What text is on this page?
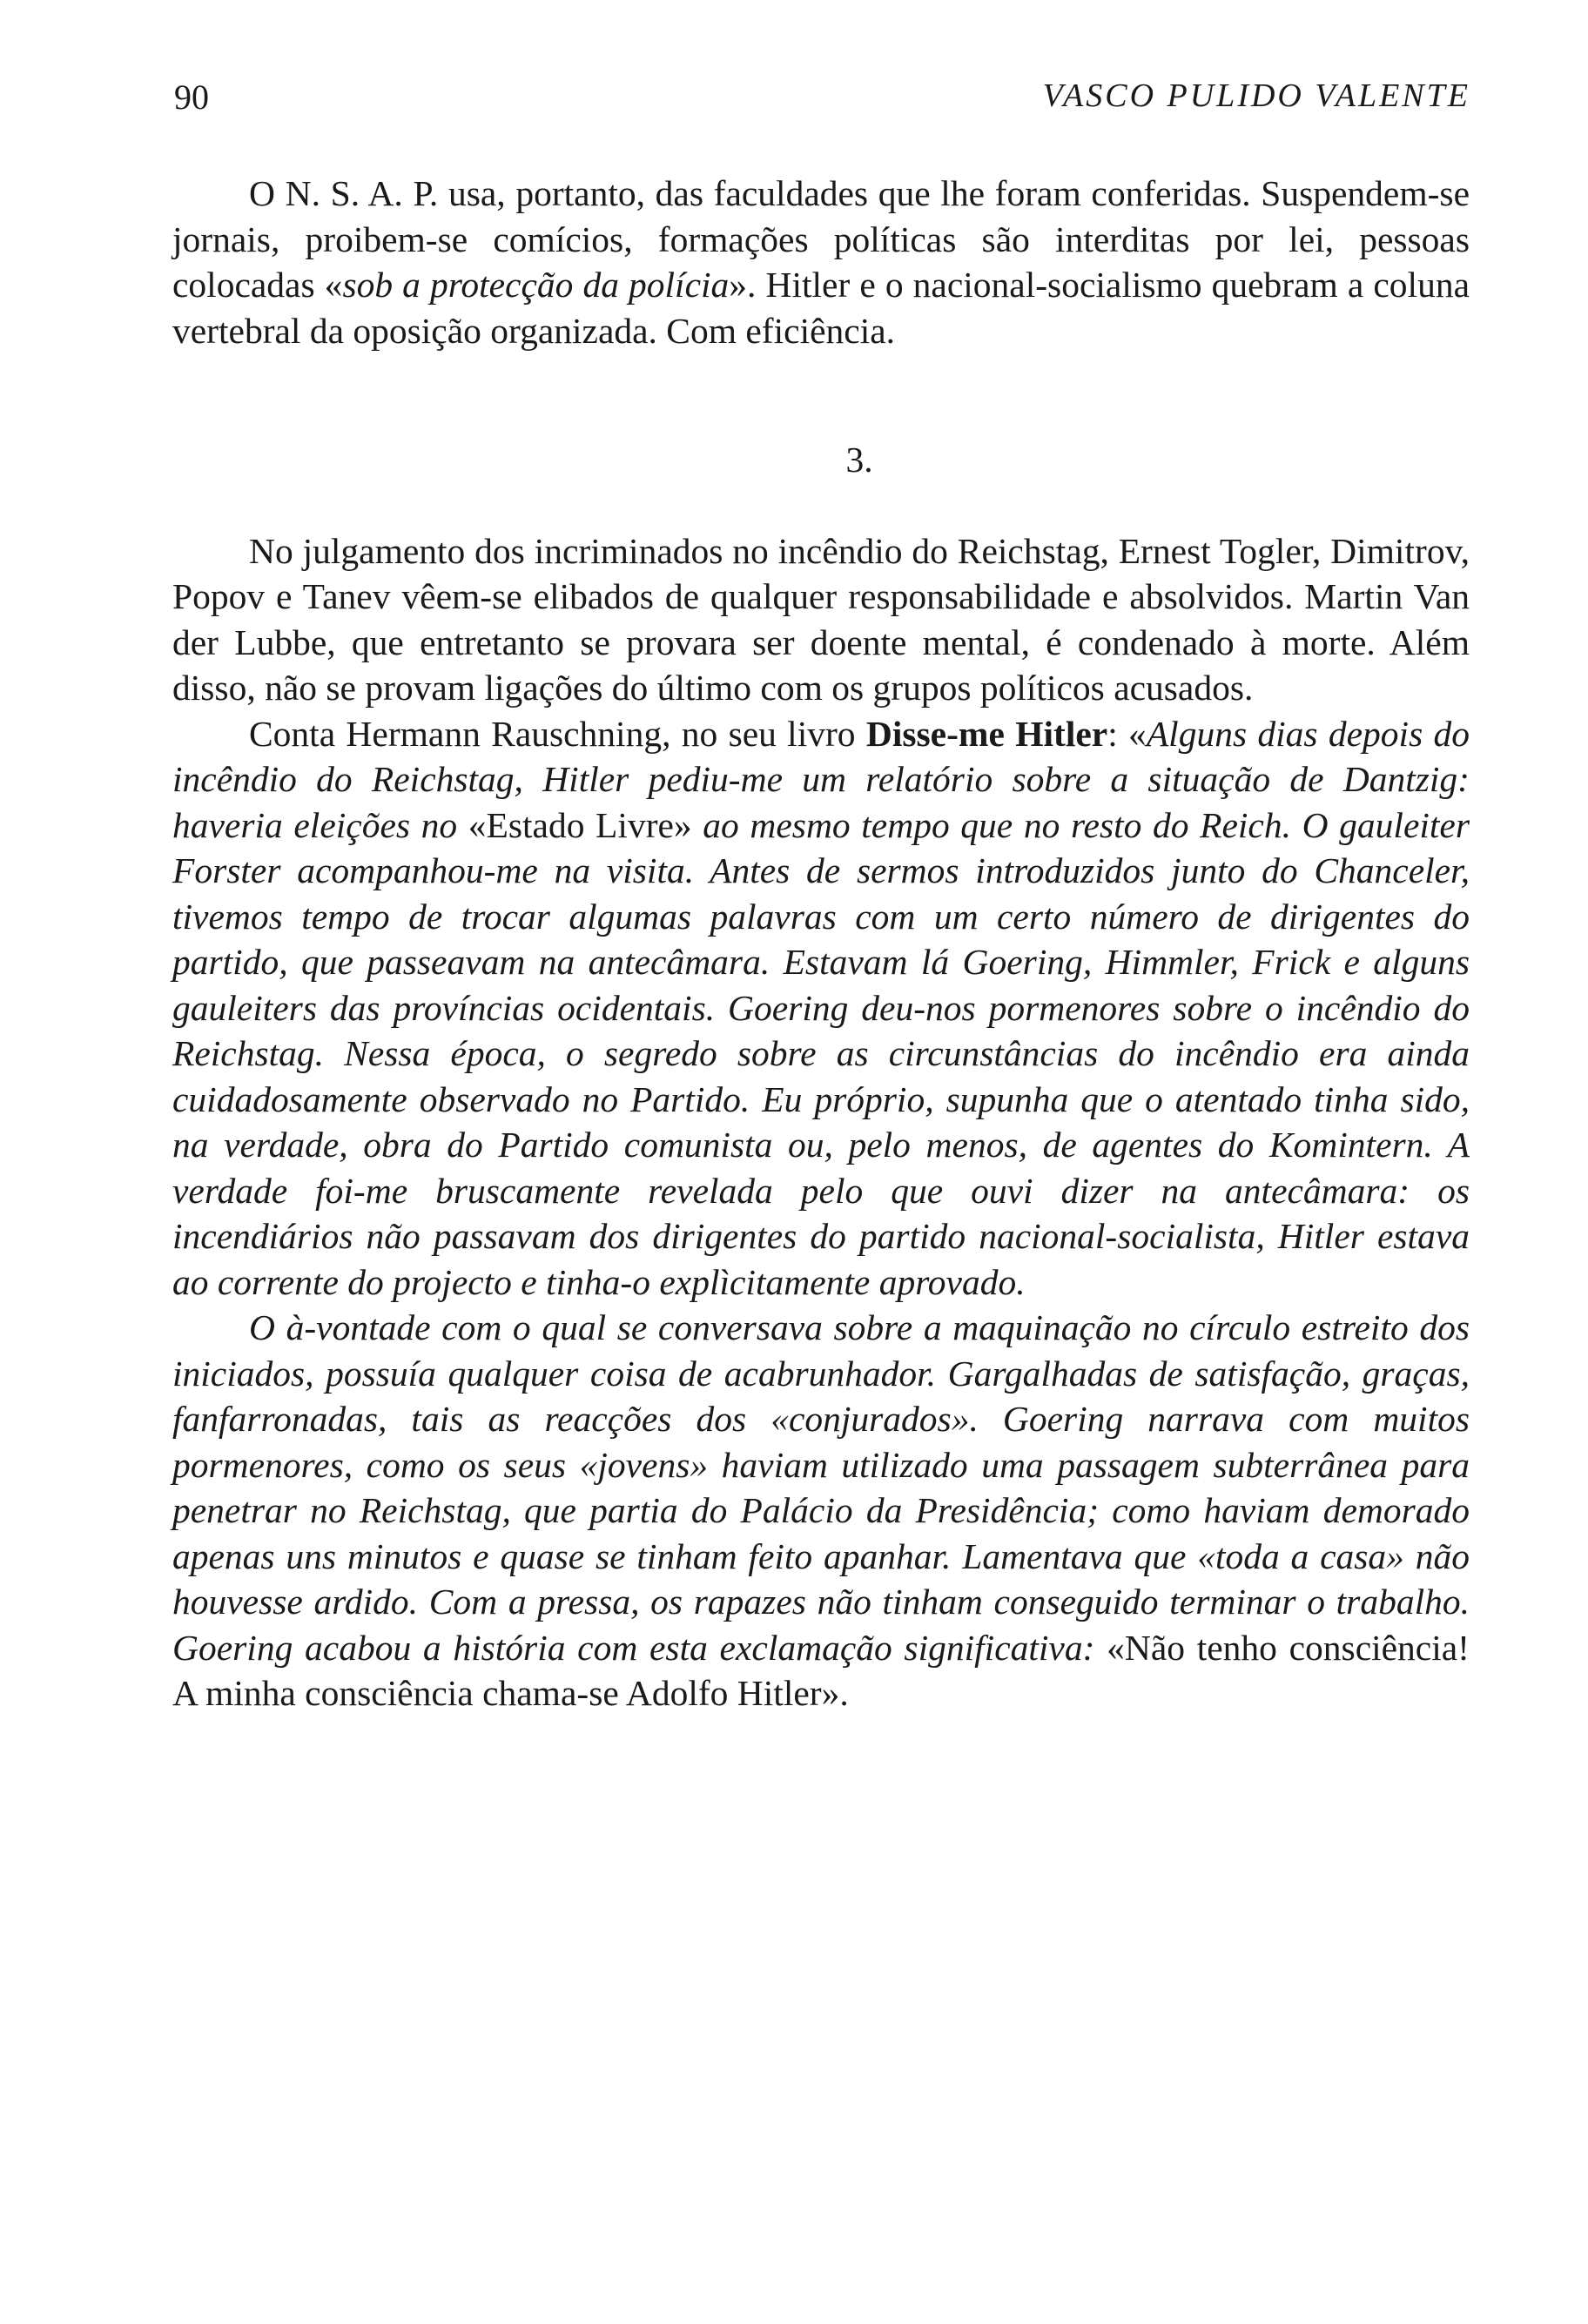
90	VASCO PULIDO VALENTE

O N. S. A. P. usa, portanto, das faculdades que lhe foram conferidas. Suspendem-se jornais, proibem-se comícios, formações políticas são interditas por lei, pessoas colocadas «sob a protecção da polícia». Hitler e o nacional-socialismo quebram a coluna vertebral da oposição organizada. Com eficiência.

3.

No julgamento dos incriminados no incêndio do Reichstag, Ernest Togler, Dimitrov, Popov e Tanev vêem-se elibados de qualquer responsabilidade e absolvidos. Martin Van der Lubbe, que entretanto se provara ser doente mental, é condenado à morte. Além disso, não se provam ligações do último com os grupos políticos acusados.

Conta Hermann Rauschning, no seu livro Disse-me Hitler: «Alguns dias depois do incêndio do Reichstag, Hitler pediu-me um relatório sobre a situação de Dantzig: haveria eleições no «Estado Livre» ao mesmo tempo que no resto do Reich. O gauleiter Forster acompanhou-me na visita. Antes de sermos introduzidos junto do Chanceler, tivemos tempo de trocar algumas palavras com um certo número de dirigentes do partido, que passeavam na antecâmara. Estavam lá Goering, Himmler, Frick e alguns gauleiters das províncias ocidentais. Goering deu-nos pormenores sobre o incêndio do Reichstag. Nessa época, o segredo sobre as circunstâncias do incêndio era ainda cuidadosamente observado no Partido. Eu próprio, supunha que o atentado tinha sido, na verdade, obra do Partido comunista ou, pelo menos, de agentes do Komintern. A verdade foi-me bruscamente revelada pelo que ouvi dizer na antecâmara: os incendiários não passavam dos dirigentes do partido nacional-socialista, Hitler estava ao corrente do projecto e tinha-o explìcitamente aprovado.

O à-vontade com o qual se conversava sobre a maquinação no círculo estreito dos iniciados, possuía qualquer coisa de acabrunhador. Gargalhadas de satisfação, graças, fanfarronadas, tais as reacções dos «conjurados». Goering narrava com muitos pormenores, como os seus «jovens» haviam utilizado uma passagem subterrânea para penetrar no Reichstag, que partia do Palácio da Presidência; como haviam demorado apenas uns minutos e quase se tinham feito apanhar. Lamentava que «toda a casa» não houvesse ardido. Com a pressa, os rapazes não tinham conseguido terminar o trabalho. Goering acabou a história com esta exclamação significativa: «Não tenho consciência! A minha consciência chama-se Adolfo Hitler».
